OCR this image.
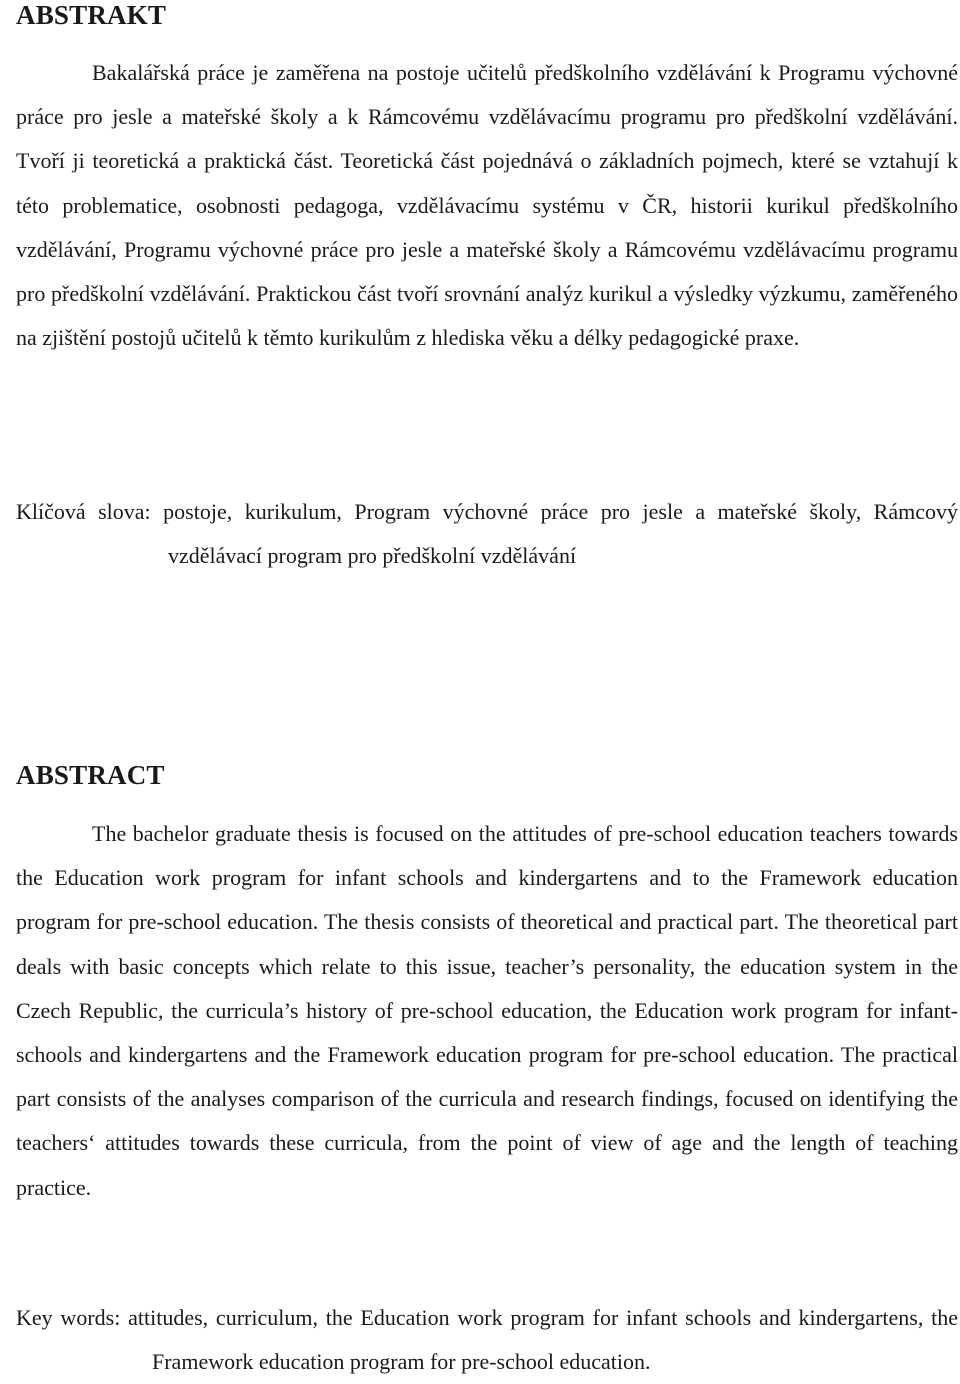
ABSTRAKT

Bakalářská práce je zaměřena na postoje učitelů předškolního vzdělávání k Programu výchovné práce pro jesle a mateřské školy a k Rámcovému vzdělávacímu programu pro předškolní vzdělávání. Tvoří ji teoretická a praktická část. Teoretická část pojednává o základních pojmech, které se vztahují k této problematice, osobnosti pedagoga, vzdělávacímu systému v ČR, historii kurikul předškolního vzdělávání, Programu výchovné práce pro jesle a mateřské školy a Rámcovému vzdělávacímu programu pro předškolní vzdělávání. Praktickou část tvoří srovnání analýz kurikul a výsledky výzkumu, zaměřeného na zjištění postojů učitelů k těmto kurikulům z hlediska věku a délky pedagogické praxe.

Klíčová slova: postoje, kurikulum, Program výchovné práce pro jesle a mateřské školy, Rámcový vzdělávací program pro předškolní vzdělávání

ABSTRACT

The bachelor graduate thesis is focused on the attitudes of pre-school education teachers towards the Education work program for infant schools and kindergartens and to the Framework education program for pre-school education. The thesis consists of theoretical and practical part. The theoretical part deals with basic concepts which relate to this issue, teacher’s personality, the education system in the Czech Republic, the curricula’s history of pre-school education, the Education work program for infant-schools and kindergartens and the Framework education program for pre-school education. The practical part consists of the analyses comparison of the curricula and research findings, focused on identifying the teachers‘ attitudes towards these curricula, from the point of view of age and the length of teaching practice.

Key words: attitudes, curriculum, the Education work program for infant schools and kindergartens, the Framework education program for pre-school education.
